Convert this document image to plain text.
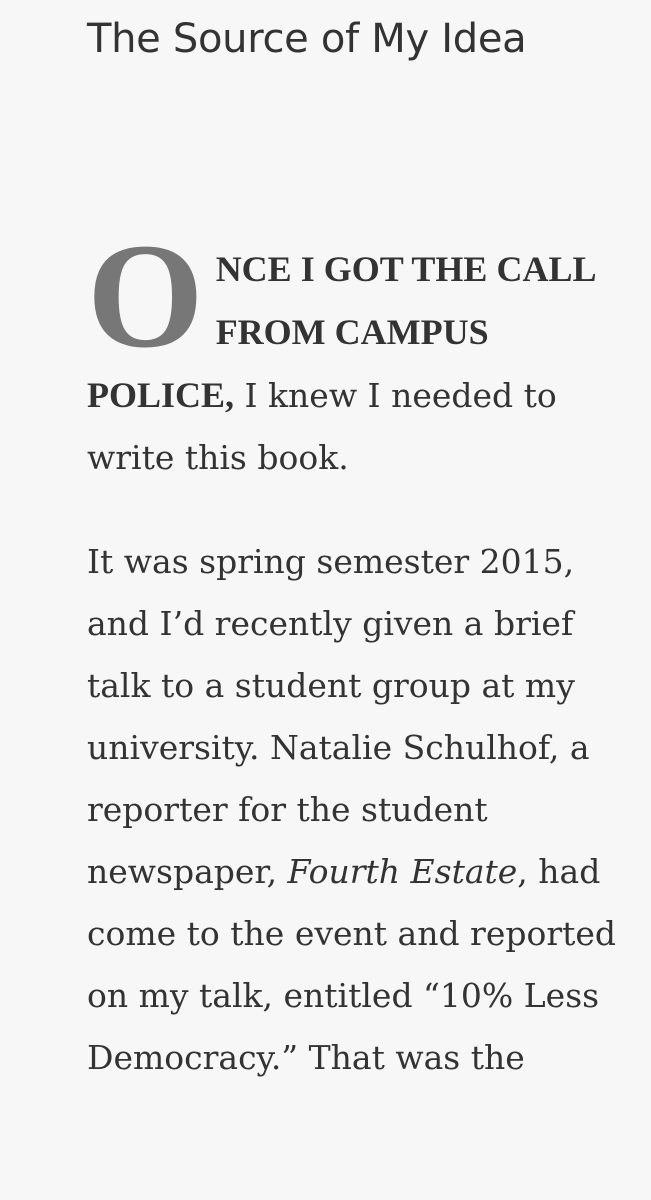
The Source of My Idea

ONCE I GOT THE CALL FROM CAMPUS POLICE, I knew I needed to write this book.

It was spring semester 2015, and I’d recently given a brief talk to a student group at my university. Natalie Schulhof, a reporter for the student newspaper, Fourth Estate, had come to the event and reported on my talk, entitled “10% Less Democracy.” That was the
